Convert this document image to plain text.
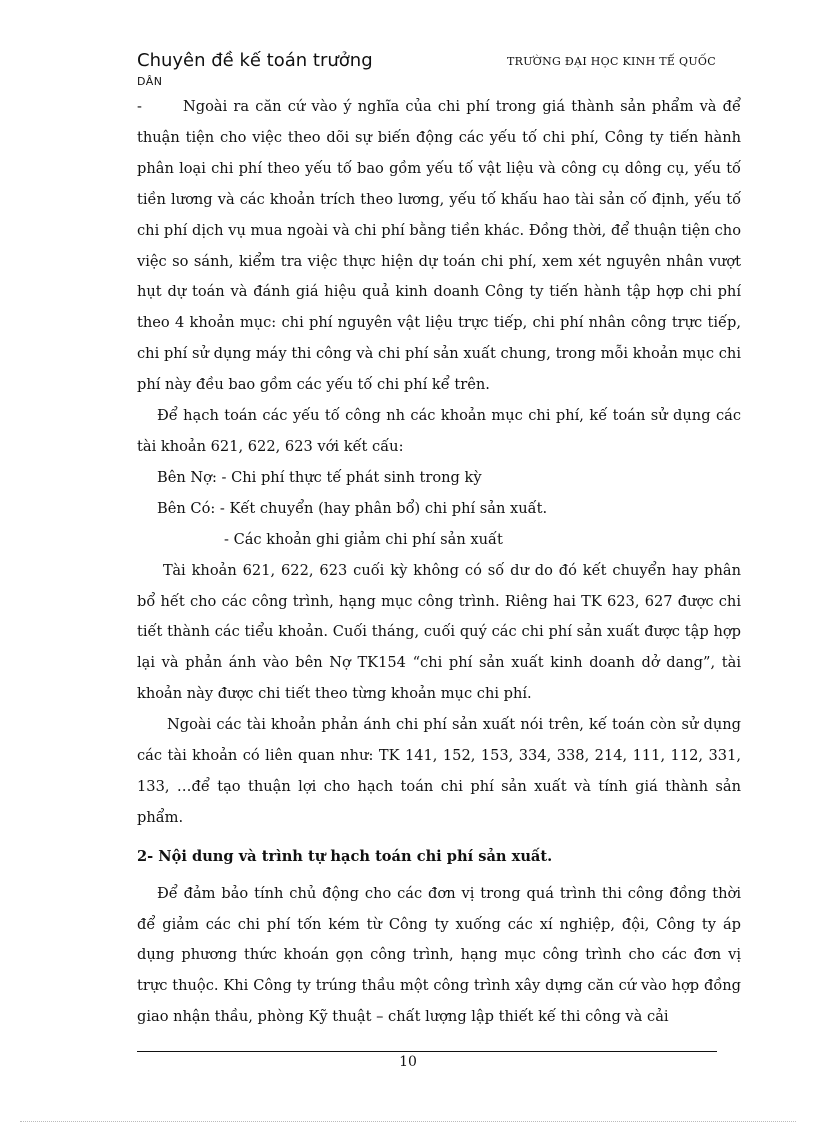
Chuyên đề kế toán trưởng
DÂN
TRƯỜNG ĐẠI HỌC KINH TẾ QUỐC

-	Ngoài ra căn cứ vào ý nghĩa của chi phí trong giá thành sản phẩm và để thuận tiện cho việc theo dõi sự biến động các yếu tố chi phí, Công ty tiến hành phân loại chi phí theo yếu tố bao gồm yếu tố vật liệu và công cụ dông cụ, yếu tố tiền lương và các khoản trích theo lương, yếu tố khấu hao tài sản cố định, yếu tố chi phí dịch vụ mua ngoài và chi phí bằng tiền khác. Đồng thời, để thuận tiện cho việc so sánh, kiểm tra việc thực hiện dự toán chi phí, xem xét nguyên nhân vượt hụt dự toán và đánh giá hiệu quả kinh doanh Công ty tiến hành tập hợp chi phí theo 4 khoản mục: chi phí nguyên vật liệu trực tiếp, chi phí nhân công trực tiếp, chi phí sử dụng máy thi công và chi phí sản xuất chung, trong mỗi khoản mục chi phí này đều bao gồm các yếu tố chi phí kể trên.

Để hạch toán các yếu tố công nh các khoản mục chi phí, kế toán sử dụng các tài khoản 621, 622, 623 với kết cấu:

Bên Nợ: - Chi phí thực tế phát sinh trong kỳ

Bên Có: - Kết chuyển (hay phân bổ) chi phí sản xuất.

- Các khoản ghi giảm chi phí sản xuất

Tài khoản 621, 622, 623 cuối kỳ không có số dư do đó kết chuyển hay phân bổ hết cho các công trình, hạng mục công trình. Riêng hai TK 623, 627 được chi tiết thành các tiểu khoản. Cuối tháng, cuối quý các chi phí sản xuất được tập hợp lại và phản ánh vào bên Nợ TK154 “chi phí sản xuất kinh doanh dở dang”, tài khoản này được chi tiết theo từng khoản mục chi phí.

Ngoài các tài khoản phản ánh chi phí sản xuất nói trên, kế toán còn sử dụng các tài khoản có liên quan như: TK 141, 152, 153, 334, 338, 214, 111, 112, 331, 133, …để tạo thuận lợi cho hạch toán chi phí sản xuất và tính giá thành sản phẩm.

2- Nội dung và trình tự hạch toán chi phí sản xuất.

Để đảm bảo tính chủ động cho các đơn vị trong quá trình thi công đồng thời để giảm các chi phí tốn kém từ Công ty xuống các xí nghiệp, đội, Công ty áp dụng phương thức khoán gọn công trình, hạng mục công trình cho các đơn vị trực thuộc. Khi Công ty trúng thầu một công trình xây dựng căn cứ vào hợp đồng giao nhận thầu, phòng Kỹ thuật – chất lượng lập thiết kế thi công và cải

10
